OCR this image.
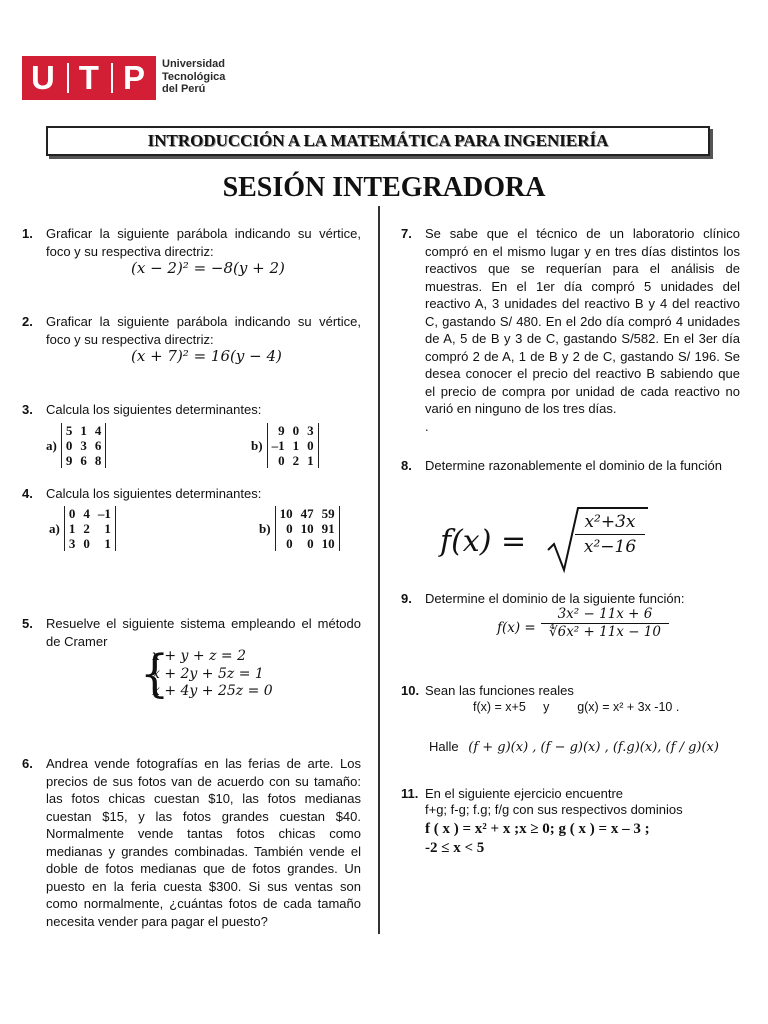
U T P Universidad
Tecnológica
del Perú
INTRODUCCIÓN A LA MATEMÁTICA PARA INGENIERÍA
SESIÓN INTEGRADORA
1. Graficar la siguiente parábola indicando su vértice, foco y su respectiva directriz:
(x − 2)² = −8(y + 2)
2. Graficar la siguiente parábola indicando su vértice, foco y su respectiva directriz:
(x + 7)² = 16(y − 4)
3. Calcula los siguientes determinantes:
a)
5	1	4
0	3	6
9	6	8
b)
9	0	3
–1	1	0
0	2	1
4. Calcula los siguientes determinantes:
a)
0	4	–1
1	2	1
3	0	1
b)
10	47	59
0	10	91
0	0	10
5. Resuelve el siguiente sistema empleando el método de Cramer
{
x + y + z = 2
x + 2y + 5z = 1
x + 4y + 25z = 0
6. Andrea vende fotografías en las ferias de arte. Los precios de sus fotos van de acuerdo con su tamaño: las fotos chicas cuestan $10, las fotos medianas cuestan $15, y las fotos grandes cuestan $40. Normalmente vende tantas fotos chicas como medianas y grandes combinadas. También vende el doble de fotos medianas que de fotos grandes. Un puesto en la feria cuesta $300. Si sus ventas son como normalmente, ¿cuántas fotos de cada tamaño necesita vender para pagar el puesto?
7. Se sabe que el técnico de un laboratorio clínico compró en el mismo lugar y en tres días distintos los reactivos que se requerían para el análisis de muestras. En el 1er día compró 5 unidades del reactivo A, 3 unidades del reactivo B y 4 del reactivo C, gastando S/ 480. En el 2do día compró 4 unidades de A, 5 de B y 3 de C, gastando S/582. En el 3er día compró 2 de A, 1 de B y 2 de C, gastando S/ 196. Se desea conocer el precio del reactivo B sabiendo que el precio de compra por unidad de cada reactivo no varió en ninguno de los tres días.
.
8. Determine razonablemente el dominio de la función
f(x) =	$\frac{\text{x²+3x}}{\text{x²−16}}$
9. Determine el dominio de la siguiente función:
$f(x) = \frac{\text{3x² − 11x + 6}}{\text{∜6x² + 11x − 10}}$
10. Sean las funciones reales
f(x) = x+5     y        g(x) = x² + 3x -10 .
Halle (f + g)(x) , (f − g)(x) , (f.g)(x), (f / g)(x)
11. En el siguiente ejercicio encuentre
f+g; f-g; f.g; f/g con sus respectivos dominios
f ( x ) = x² + x ;x ≥ 0; g ( x ) = x – 3 ;
-2 ≤ x < 5
